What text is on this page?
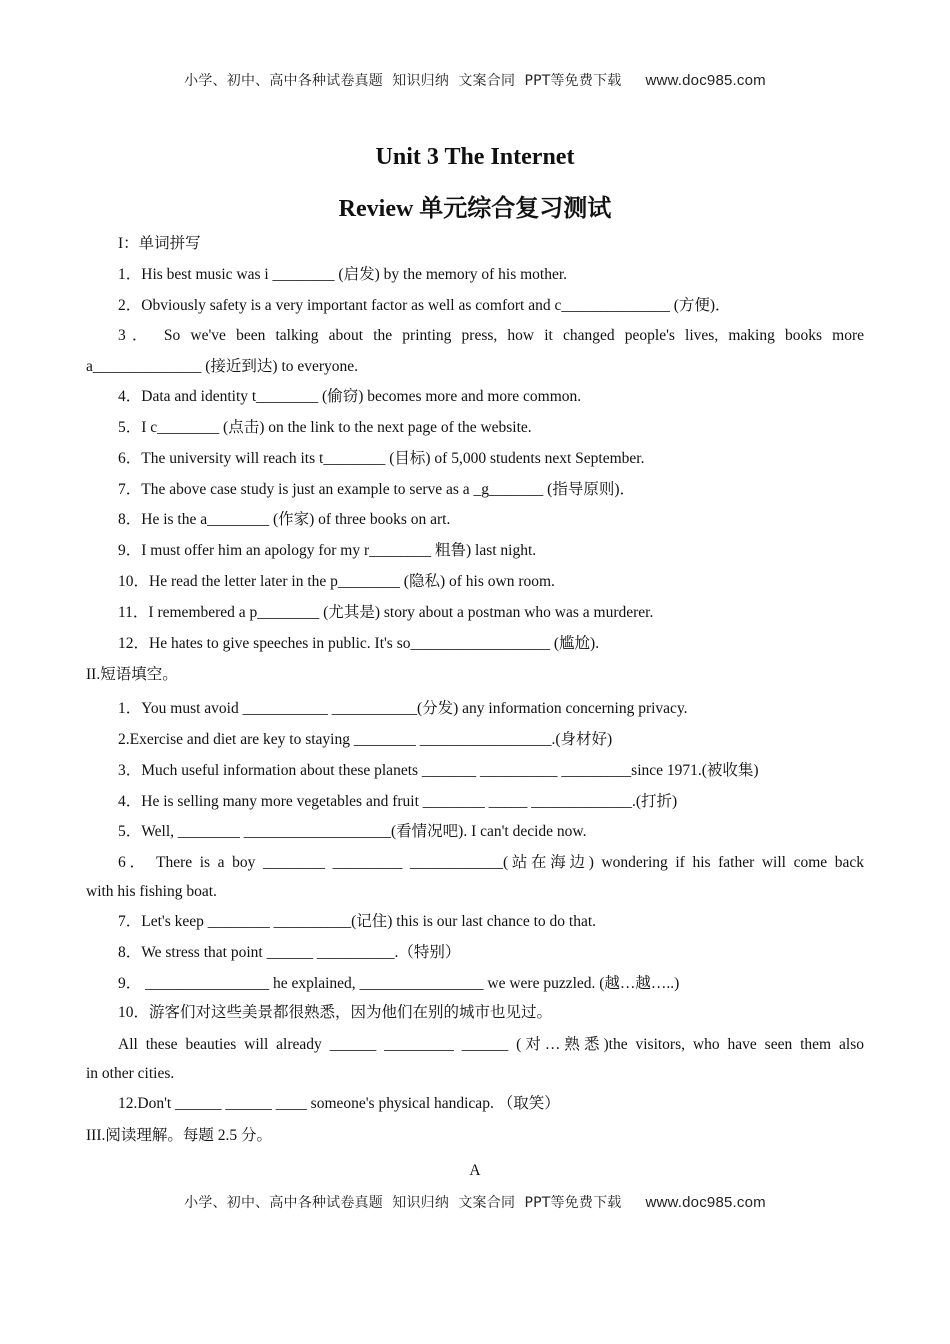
小学、初中、高中各种试卷真题  知识归纳  文案合同  PPT等免费下载 www.doc985.com
Unit 3 The Internet
Review 单元综合复习测试
I：单词拼写
1．His best music was i ________ (启发) by the memory of his mother.
2．Obviously safety is a very important factor as well as comfort and c______________ (方便)．
3． So we've been talking about the printing press, how it changed people's lives, making books more
a______________ (接近到达) to everyone.
4．Data and identity t________ (偷窃) becomes more and more common.
5．I c________ (点击) on the link to the next page of the website.
6．The university will reach its t________ (目标) of 5,000 students next September.
7．The above case study is just an example to serve as a _g_______ (指导原则)．
8．He is the a________ (作家) of three books on art.
9．I must offer him an apology for my r________ 粗鲁) last night.
10．He read the letter later in the p________ (隐私) of his own room.
11．I remembered a p________ (尤其是) story about a postman who was a murderer.
12．He hates to give speeches in public. It's so__________________ (尴尬).
II.短语填空。
1．You must avoid ___________ ___________(分发) any information concerning privacy.
2.Exercise and diet are key to staying ________ _________________.(身材好)
3．Much useful information about these planets _______ __________ _________since 1971.(被收集)
4．He is selling many more vegetables and fruit ________ _____ _____________.(打折)
5．Well, ________ ___________________(看情况吧). I can't decide now.
6． There is a boy ________ _________ ____________(站在海边) wondering if his father will come back
with his fishing boat.
7．Let's keep ________ __________(记住) this is our last chance to do that.
8．We stress that point ______ __________.（特别）
9． ________________ he explained, ________________ we were puzzled. (越…越…..)
10．游客们对这些美景都很熟悉，因为他们在别的城市也见过。
All these beauties will already ______ _________ ______ (对…熟悉)the visitors, who have seen them also
in other cities.
12.Don't ______ ______ ____ someone's physical handicap. （取笑）
III.阅读理解。每题 2.5 分。
A
小学、初中、高中各种试卷真题  知识归纳  文案合同  PPT等免费下载 www.doc985.com
